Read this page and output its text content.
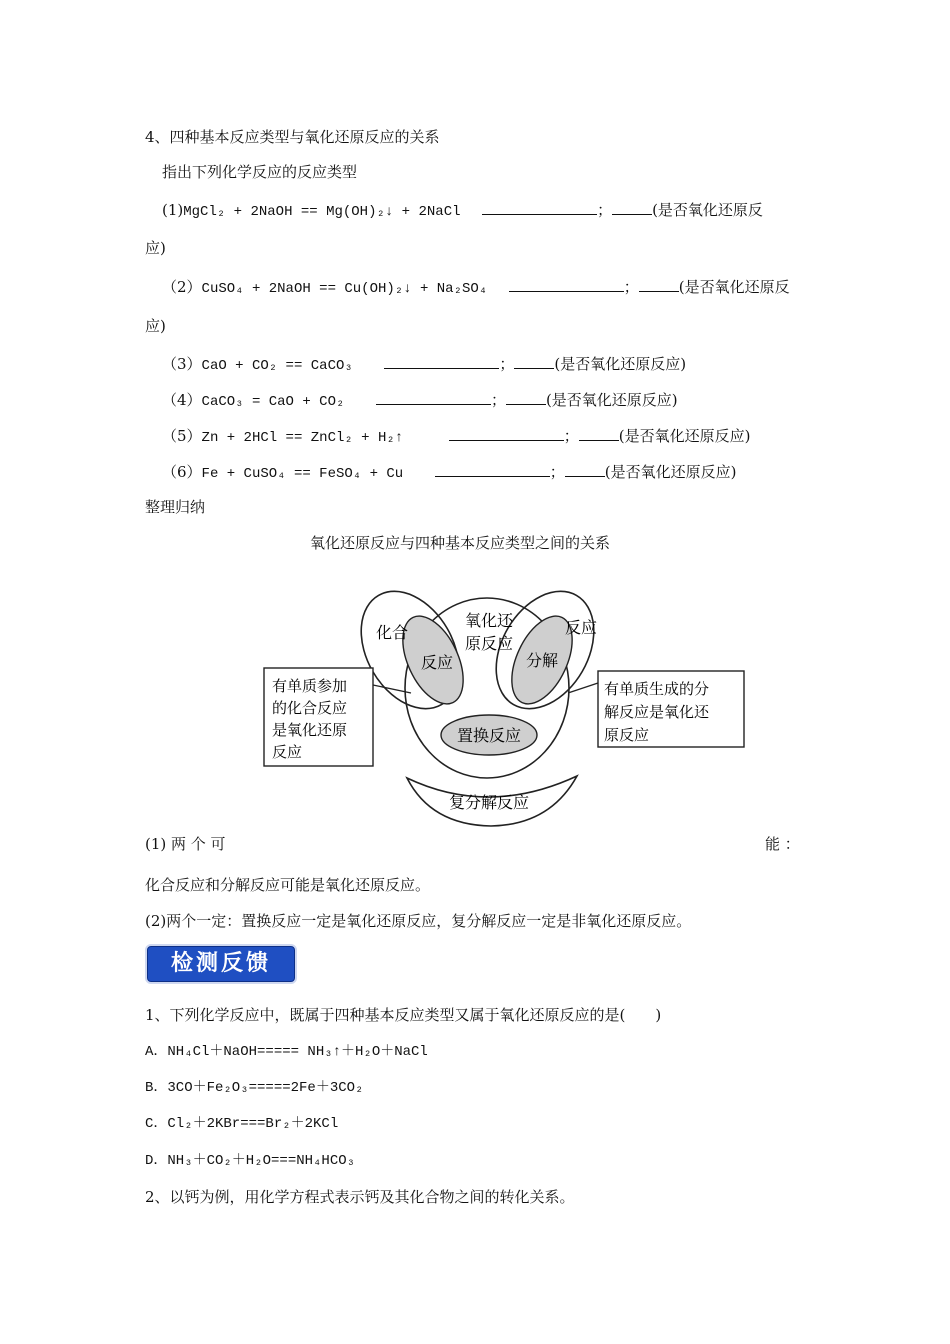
4、四种基本反应类型与氧化还原反应的关系
指出下列化学反应的反应类型
(1)MgCl₂ + 2NaOH == Mg(OH)₂↓ + 2NaCl	；	(是否氧化还原反
应)
（2）CuSO₄ + 2NaOH == Cu(OH)₂↓ + Na₂SO₄	；	(是否氧化还原反
应)
（3）CaO + CO₂ == CaCO₃	；	(是否氧化还原反应)
（4）CaCO₃ = CaO + CO₂	；	(是否氧化还原反应)
（5）Zn + 2HCl == ZnCl₂ + H₂↑	；	(是否氧化还原反应)
（6）Fe + CuSO₄ == FeSO₄ + Cu	；	(是否氧化还原反应)
整理归纳
氧化还原反应与四种基本反应类型之间的关系
化合
氧化还
原反应
反应
反应	分解
置换反应
复分解反应
有单质参加
的化合反应
是氧化还原
反应
有单质生成的分
解反应是氧化还
原反应
(1) 两 个 可	能 ：
化合反应和分解反应可能是氧化还原反应。
(2)两个一定：置换反应一定是氧化还原反应，复分解反应一定是非氧化还原反应。
检测反馈
1、下列化学反应中，既属于四种基本反应类型又属于氧化还原反应的是(　　)
A．NH₄Cl＋NaOH===== NH₃↑＋H₂O＋NaCl
B．3CO＋Fe₂O₃=====2Fe＋3CO₂
C．Cl₂＋2KBr===Br₂＋2KCl
D．NH₃＋CO₂＋H₂O===NH₄HCO₃
2、以钙为例，用化学方程式表示钙及其化合物之间的转化关系。
